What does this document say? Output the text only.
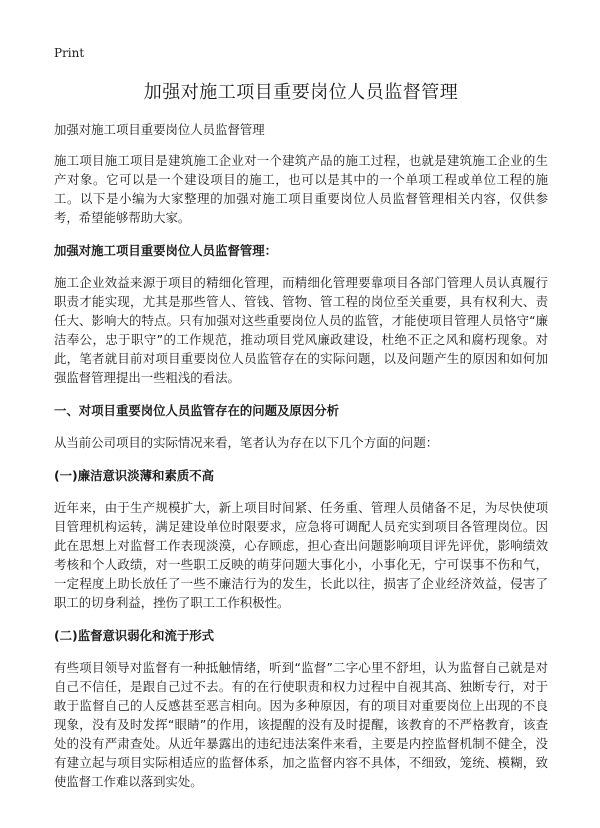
Print
加强对施工项目重要岗位人员监督管理

加强对施工项目重要岗位人员监督管理

施工项目施工项目是建筑施工企业对一个建筑产品的施工过程，也就是建筑施工企业的生产对象。它可以是一个建设项目的施工，也可以是其中的一个单项工程或单位工程的施工。以下是小编为大家整理的加强对施工项目重要岗位人员监督管理相关内容，仅供参考，希望能够帮助大家。

加强对施工项目重要岗位人员监督管理：

施工企业效益来源于项目的精细化管理，而精细化管理要靠项目各部门管理人员认真履行职责才能实现，尤其是那些管人、管钱、管物、管工程的岗位至关重要，具有权利大、责任大、影响大的特点。只有加强对这些重要岗位人员的监管，才能使项目管理人员恪守“廉洁奉公，忠于职守”的工作规范，推动项目党风廉政建设，杜绝不正之风和腐朽现象。对此，笔者就目前对项目重要岗位人员监管存在的实际问题，以及问题产生的原因和如何加强监督管理提出一些粗浅的看法。

一、对项目重要岗位人员监管存在的问题及原因分析

从当前公司项目的实际情况来看，笔者认为存在以下几个方面的问题：

(一)廉洁意识淡薄和素质不高

近年来，由于生产规模扩大，新上项目时间紧、任务重、管理人员储备不足，为尽快使项目管理机构运转，满足建设单位时限要求，应急将可调配人员充实到项目各管理岗位。因此在思想上对监督工作表现淡漠，心存顾虑，担心查出问题影响项目评先评优，影响绩效考核和个人政绩，对一些职工反映的萌芽问题大事化小，小事化无，宁可误事不伤和气，一定程度上助长放任了一些不廉洁行为的发生，长此以往，损害了企业经济效益，侵害了职工的切身利益，挫伤了职工工作积极性。

(二)监督意识弱化和流于形式

有些项目领导对监督有一种抵触情绪，听到“监督”二字心里不舒坦，认为监督自己就是对自己不信任，是跟自己过不去。有的在行使职责和权力过程中自视其高、独断专行，对于敢于监督自己的人反感甚至恶言相向。因为多种原因，有的项目对重要岗位上出现的不良现象，没有及时发挥“眼睛”的作用，该提醒的没有及时提醒，该教育的不严格教育，该查处的没有严肃查处。从近年暴露出的违纪违法案件来看，主要是内控监督机制不健全，没有建立起与项目实际相适应的监督体系，加之监督内容不具体，不细致，笼统、模糊，致使监督工作难以落到实处。
